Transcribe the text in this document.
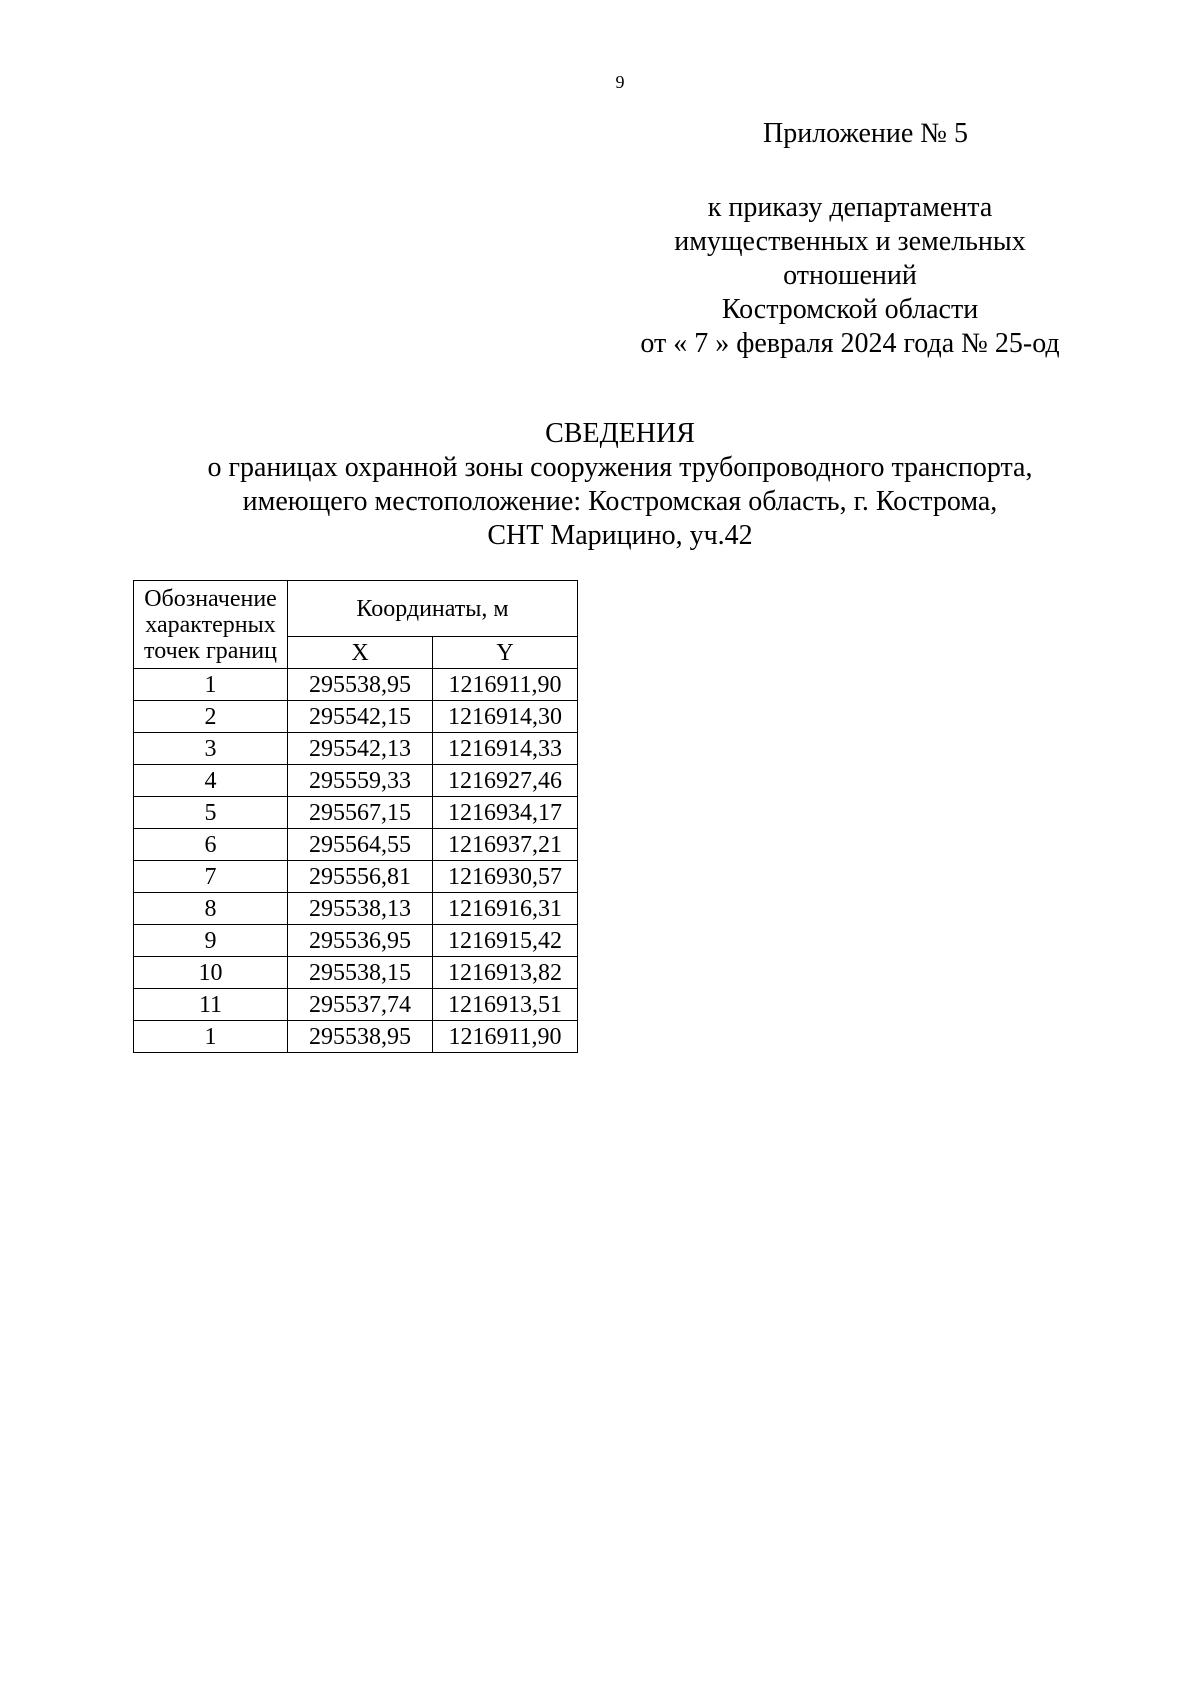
9
Приложение № 5
к приказу департамента
имущественных и земельных
отношений
Костромской области
от « 7 » февраля 2024 года № 25-од
СВЕДЕНИЯ
о границах охранной зоны сооружения трубопроводного транспорта,
имеющего местоположение: Костромская область, г. Кострома,
СНТ Марицино, уч.42
Обозначение
характерных
точек границ	Координаты, м	
	X	Y
1	295538,95	1216911,90
2	295542,15	1216914,30
3	295542,13	1216914,33
4	295559,33	1216927,46
5	295567,15	1216934,17
6	295564,55	1216937,21
7	295556,81	1216930,57
8	295538,13	1216916,31
9	295536,95	1216915,42
10	295538,15	1216913,82
11	295537,74	1216913,51
1	295538,95	1216911,90
